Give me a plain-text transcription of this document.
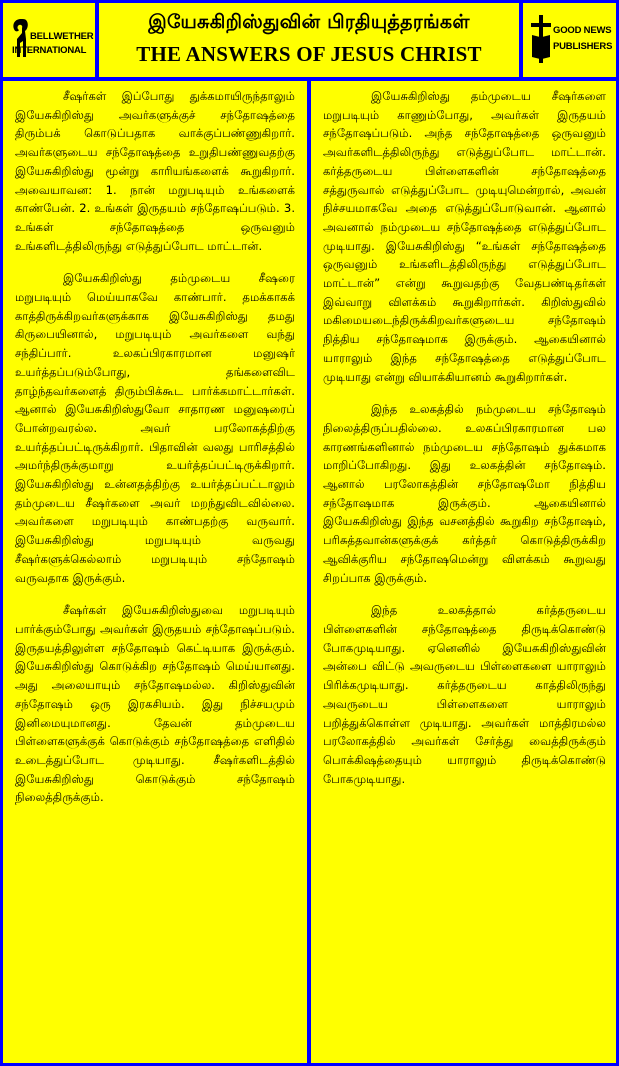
BELLWETHER
INTERNATIONAL
இயேசுகிறிஸ்துவின் பிரதியுத்தரங்கள்
THE ANSWERS OF JESUS CHRIST
GOOD NEWS
PUBLISHERS

சீஷர்கள் இப்போது துக்கமாயிருந்தாலும் இயேசுகிறிஸ்து அவர்களுக்குச் சந்தோஷத்தை திரும்பக் கொடுப்பதாக வாக்குப்பண்ணுகிறார். அவர்களுடைய சந்தோஷத்தை உறுதிபண்ணுவதற்கு இயேசுகிறிஸ்து மூன்று காரியங்களைக் கூறுகிறார். அவையாவன: 1. நான் மறுபடியும் உங்களைக் காண்பேன். 2. உங்கள் இருதயம் சந்தோஷப்படும். 3. உங்கள் சந்தோஷத்தை ஒருவனும் உங்களிடத்திலிருந்து எடுத்துப்போட மாட்டான்.

இயேசுகிறிஸ்து தம்முடைய சீஷரை மறுபடியும் மெய்யாகவே காண்பார். தமக்காகக் காத்திருக்கிறவர்களுக்காக இயேசுகிறிஸ்து தமது கிருபையினால், மறுபடியும் அவர்களை வந்து சந்திப்பார். உலகப்பிரகாரமான மனுஷர் உயர்த்தப்படும்போது, தங்களைவிட தாழ்ந்தவர்களைத் திரும்பிக்கூட பார்க்கமாட்டார்கள். ஆனால் இயேசுகிறிஸ்துவோ சாதாரண மனுஷரைப் போன்றவரல்ல. அவர் பரலோகத்திற்கு உயர்த்தப்பட்டிருக்கிறார். பிதாவின் வலது பாரிசத்தில் அமர்ந்திருக்குமாறு உயர்த்தப்பட்டிருக்கிறார். இயேசுகிறிஸ்து உன்னதத்திற்கு உயர்த்தப்பட்டாலும் தம்முடைய சீஷர்களை அவர் மறந்துவிடவில்லை. அவர்களை மறுபடியும் காண்பதற்கு வருவார். இயேசுகிறிஸ்து மறுபடியும் வருவது சீஷர்களுக்கெல்லாம் மறுபடியும் சந்தோஷம் வருவதாக இருக்கும்.

சீஷர்கள் இயேசுகிறிஸ்துவை மறுபடியும் பார்க்கும்போது அவர்கள் இருதயம் சந்தோஷப்படும். இருதயத்திலுள்ள சந்தோஷம் கெட்டியாக இருக்கும். இயேசுகிறிஸ்து கொடுக்கிற சந்தோஷம் மெய்யானது. அது அலையாயும் சந்தோஷமல்ல. கிறிஸ்துவின் சந்தோஷம் ஒரு இரகசியம். இது நிச்சயமும் இனிமையுமானது. தேவன் தம்முடைய பிள்ளைகளுக்குக் கொடுக்கும் சந்தோஷத்தை எளிதில் உடைத்துப்போட முடியாது. சீஷர்களிடத்தில் இயேசுகிறிஸ்து கொடுக்கும் சந்தோஷம் நிலைத்திருக்கும்.

இயேசுகிறிஸ்து தம்முடைய சீஷர்களை மறுபடியும் காணும்போது, அவர்கள் இருதயம் சந்தோஷப்படும். அந்த சந்தோஷத்தை ஒருவனும் அவர்களிடத்திலிருந்து எடுத்துப்போட மாட்டான். கர்த்தருடைய பிள்ளைகளின் சந்தோஷத்தை சத்துருவால் எடுத்துப்போட முடியுமென்றால், அவன் நிச்சயமாகவே அதை எடுத்துப்போடுவான். ஆனால் அவனால் நம்முடைய சந்தோஷத்தை எடுத்துப்போட முடியாது. இயேசுகிறிஸ்து “உங்கள் சந்தோஷத்தை ஒருவனும் உங்களிடத்திலிருந்து எடுத்துப்போட மாட்டான்” என்று கூறுவதற்கு வேதபண்டிதர்கள் இவ்வாறு விளக்கம் கூறுகிறார்கள். கிறிஸ்துவில் மகிமையடைந்திருக்கிறவர்களுடைய சந்தோஷம் நித்திய சந்தோஷமாக இருக்கும். ஆகையினால் யாராலும் இந்த சந்தோஷத்தை எடுத்துப்போட முடியாது என்று வியாக்கியானம் கூறுகிறார்கள்.

இந்த உலகத்தில் நம்முடைய சந்தோஷம் நிலைத்திருப்பதில்லை. உலகப்பிரகாரமான பல காரணங்களினால் நம்முடைய சந்தோஷம் துக்கமாக மாறிப்போகிறது. இது உலகத்தின் சந்தோஷம். ஆனால் பரலோகத்தின் சந்தோஷமோ நித்திய சந்தோஷமாக இருக்கும். ஆகையினால் இயேசுகிறிஸ்து இந்த வசனத்தில் கூறுகிற சந்தோஷம், பரிசுத்தவான்களுக்குக் கர்த்தர் கொடுத்திருக்கிற ஆவிக்குரிய சந்தோஷமென்று விளக்கம் கூறுவது சிறப்பாக இருக்கும்.

இந்த உலகத்தால் கர்த்தருடைய பிள்ளைகளின் சந்தோஷத்தை திருடிக்கொண்டு போகமுடியாது. ஏனெனில் இயேசுகிறிஸ்துவின் அன்பை விட்டு அவருடைய பிள்ளைகளை யாராலும் பிரிக்கமுடியாது. கர்த்தருடைய காத்திலிருந்து அவருடைய பிள்ளைகளை யாராலும் பறித்துக்கொள்ள முடியாது. அவர்கள் மாத்திரமல்ல பரலோகத்தில் அவர்கள் சேர்த்து வைத்திருக்கும் பொக்கிஷத்தையும் யாராலும் திருடிக்கொண்டு போகமுடியாது.
